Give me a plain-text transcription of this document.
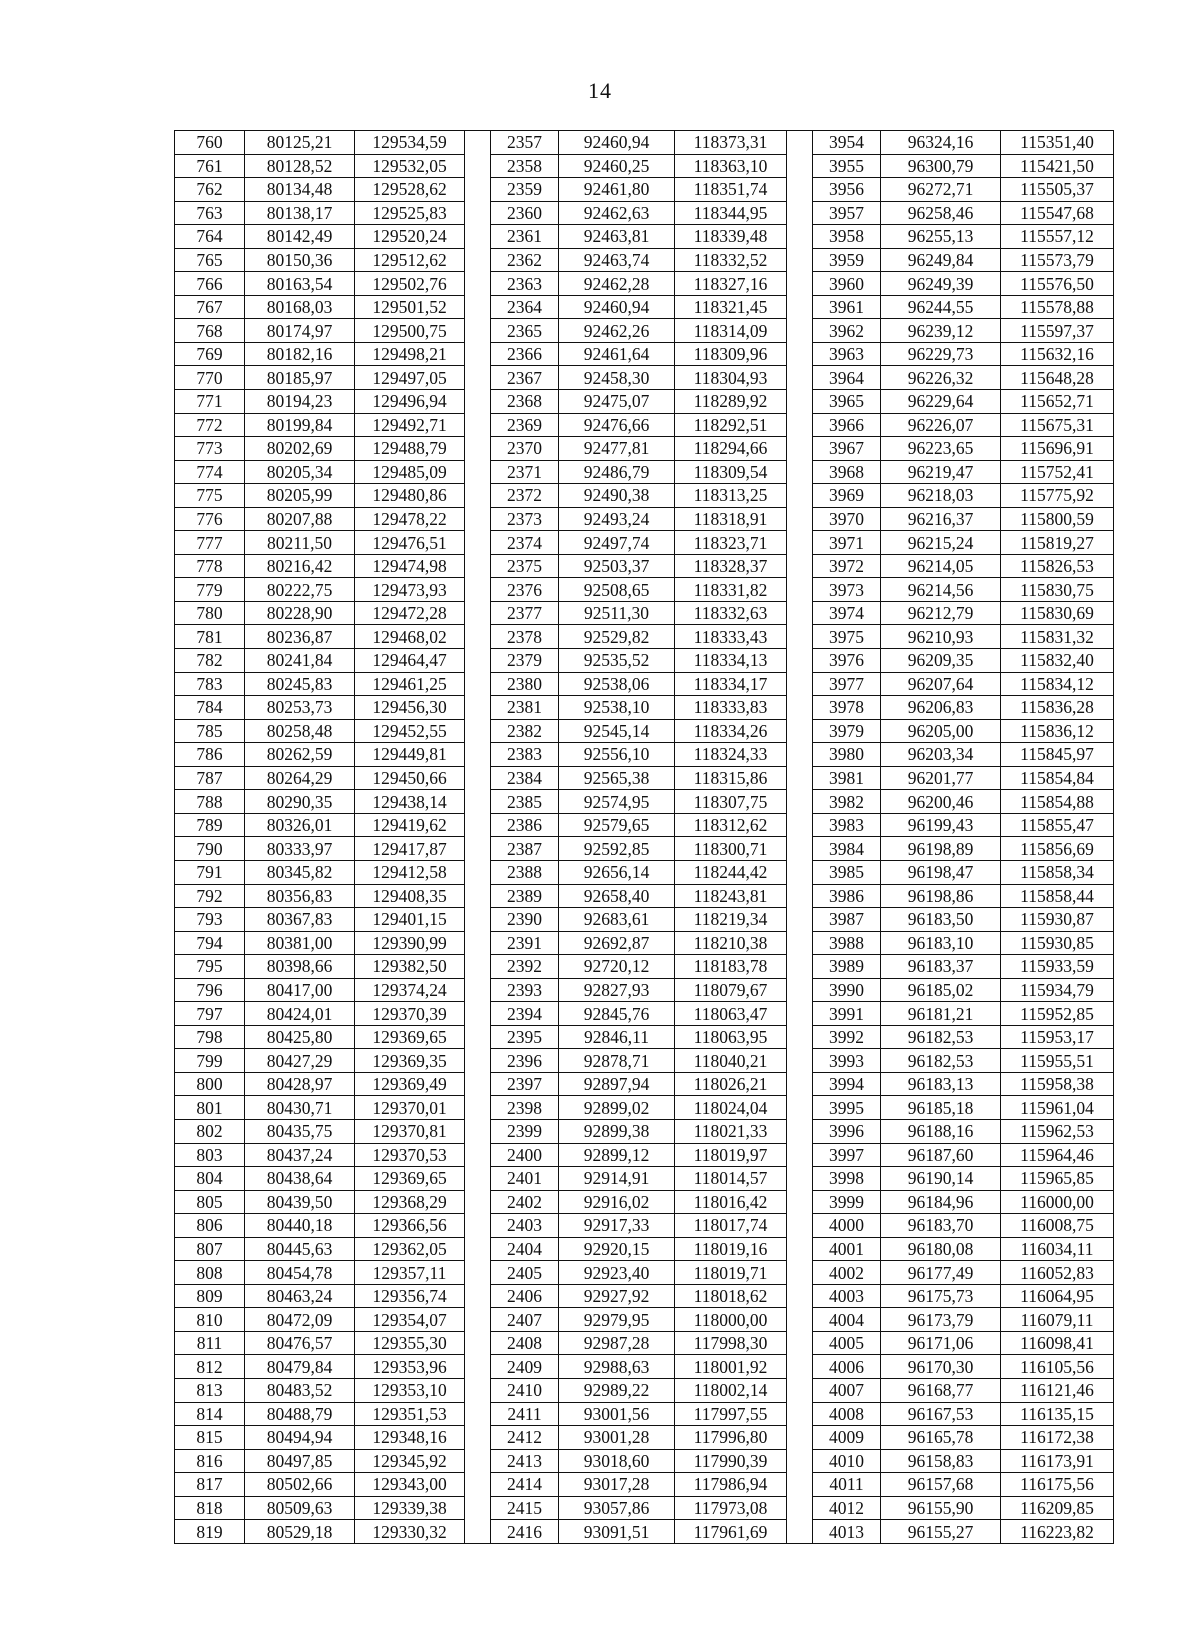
14
760	80125,21	129534,59		2357	92460,94	118373,31		3954	96324,16	115351,40
761	80128,52	129532,05		2358	92460,25	118363,10		3955	96300,79	115421,50
762	80134,48	129528,62		2359	92461,80	118351,74		3956	96272,71	115505,37
763	80138,17	129525,83		2360	92462,63	118344,95		3957	96258,46	115547,68
764	80142,49	129520,24		2361	92463,81	118339,48		3958	96255,13	115557,12
765	80150,36	129512,62		2362	92463,74	118332,52		3959	96249,84	115573,79
766	80163,54	129502,76		2363	92462,28	118327,16		3960	96249,39	115576,50
767	80168,03	129501,52		2364	92460,94	118321,45		3961	96244,55	115578,88
768	80174,97	129500,75		2365	92462,26	118314,09		3962	96239,12	115597,37
769	80182,16	129498,21		2366	92461,64	118309,96		3963	96229,73	115632,16
770	80185,97	129497,05		2367	92458,30	118304,93		3964	96226,32	115648,28
771	80194,23	129496,94		2368	92475,07	118289,92		3965	96229,64	115652,71
772	80199,84	129492,71		2369	92476,66	118292,51		3966	96226,07	115675,31
773	80202,69	129488,79		2370	92477,81	118294,66		3967	96223,65	115696,91
774	80205,34	129485,09		2371	92486,79	118309,54		3968	96219,47	115752,41
775	80205,99	129480,86		2372	92490,38	118313,25		3969	96218,03	115775,92
776	80207,88	129478,22		2373	92493,24	118318,91		3970	96216,37	115800,59
777	80211,50	129476,51		2374	92497,74	118323,71		3971	96215,24	115819,27
778	80216,42	129474,98		2375	92503,37	118328,37		3972	96214,05	115826,53
779	80222,75	129473,93		2376	92508,65	118331,82		3973	96214,56	115830,75
780	80228,90	129472,28		2377	92511,30	118332,63		3974	96212,79	115830,69
781	80236,87	129468,02		2378	92529,82	118333,43		3975	96210,93	115831,32
782	80241,84	129464,47		2379	92535,52	118334,13		3976	96209,35	115832,40
783	80245,83	129461,25		2380	92538,06	118334,17		3977	96207,64	115834,12
784	80253,73	129456,30		2381	92538,10	118333,83		3978	96206,83	115836,28
785	80258,48	129452,55		2382	92545,14	118334,26		3979	96205,00	115836,12
786	80262,59	129449,81		2383	92556,10	118324,33		3980	96203,34	115845,97
787	80264,29	129450,66		2384	92565,38	118315,86		3981	96201,77	115854,84
788	80290,35	129438,14		2385	92574,95	118307,75		3982	96200,46	115854,88
789	80326,01	129419,62		2386	92579,65	118312,62		3983	96199,43	115855,47
790	80333,97	129417,87		2387	92592,85	118300,71		3984	96198,89	115856,69
791	80345,82	129412,58		2388	92656,14	118244,42		3985	96198,47	115858,34
792	80356,83	129408,35		2389	92658,40	118243,81		3986	96198,86	115858,44
793	80367,83	129401,15		2390	92683,61	118219,34		3987	96183,50	115930,87
794	80381,00	129390,99		2391	92692,87	118210,38		3988	96183,10	115930,85
795	80398,66	129382,50		2392	92720,12	118183,78		3989	96183,37	115933,59
796	80417,00	129374,24		2393	92827,93	118079,67		3990	96185,02	115934,79
797	80424,01	129370,39		2394	92845,76	118063,47		3991	96181,21	115952,85
798	80425,80	129369,65		2395	92846,11	118063,95		3992	96182,53	115953,17
799	80427,29	129369,35		2396	92878,71	118040,21		3993	96182,53	115955,51
800	80428,97	129369,49		2397	92897,94	118026,21		3994	96183,13	115958,38
801	80430,71	129370,01		2398	92899,02	118024,04		3995	96185,18	115961,04
802	80435,75	129370,81		2399	92899,38	118021,33		3996	96188,16	115962,53
803	80437,24	129370,53		2400	92899,12	118019,97		3997	96187,60	115964,46
804	80438,64	129369,65		2401	92914,91	118014,57		3998	96190,14	115965,85
805	80439,50	129368,29		2402	92916,02	118016,42		3999	96184,96	116000,00
806	80440,18	129366,56		2403	92917,33	118017,74		4000	96183,70	116008,75
807	80445,63	129362,05		2404	92920,15	118019,16		4001	96180,08	116034,11
808	80454,78	129357,11		2405	92923,40	118019,71		4002	96177,49	116052,83
809	80463,24	129356,74		2406	92927,92	118018,62		4003	96175,73	116064,95
810	80472,09	129354,07		2407	92979,95	118000,00		4004	96173,79	116079,11
811	80476,57	129355,30		2408	92987,28	117998,30		4005	96171,06	116098,41
812	80479,84	129353,96		2409	92988,63	118001,92		4006	96170,30	116105,56
813	80483,52	129353,10		2410	92989,22	118002,14		4007	96168,77	116121,46
814	80488,79	129351,53		2411	93001,56	117997,55		4008	96167,53	116135,15
815	80494,94	129348,16		2412	93001,28	117996,80		4009	96165,78	116172,38
816	80497,85	129345,92		2413	93018,60	117990,39		4010	96158,83	116173,91
817	80502,66	129343,00		2414	93017,28	117986,94		4011	96157,68	116175,56
818	80509,63	129339,38		2415	93057,86	117973,08		4012	96155,90	116209,85
819	80529,18	129330,32		2416	93091,51	117961,69		4013	96155,27	116223,82
